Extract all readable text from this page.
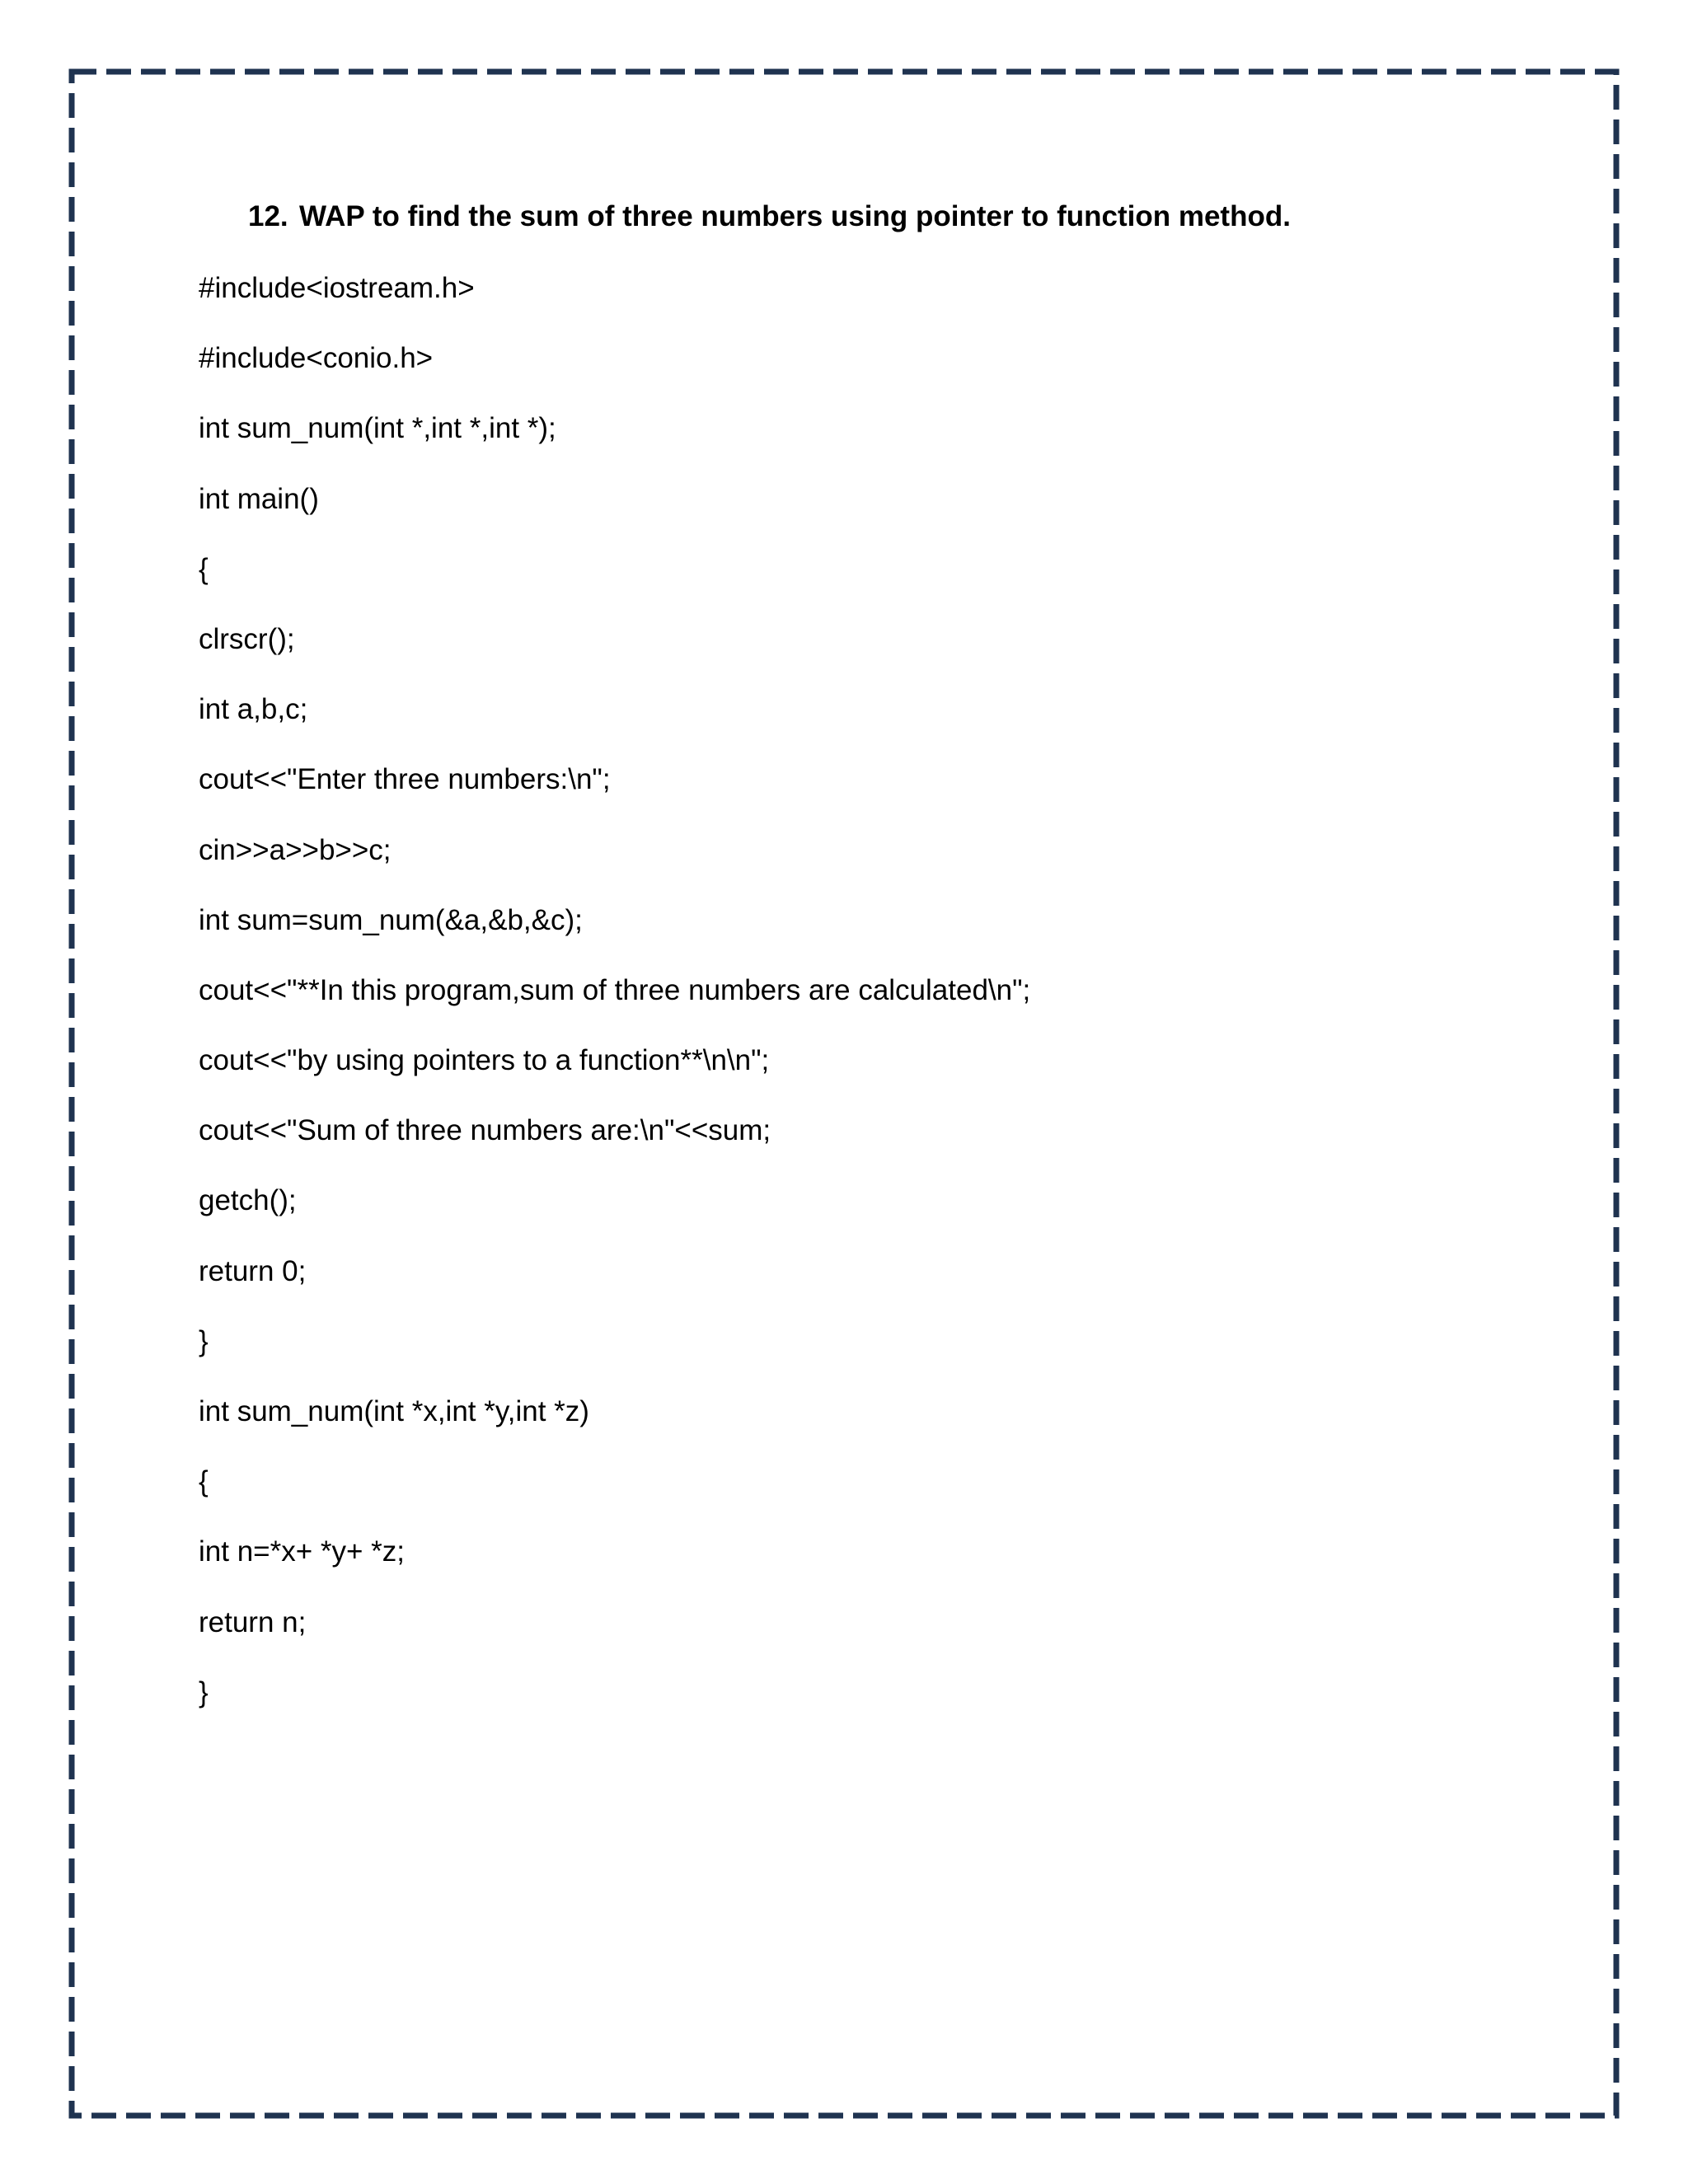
12. WAP to find the sum of three numbers using pointer to function method.
#include<iostream.h>
#include<conio.h>
int sum_num(int *,int *,int *);
int main()
{
clrscr();
int a,b,c;
cout<<"Enter three numbers:\n";
cin>>a>>b>>c;
int sum=sum_num(&a,&b,&c);
cout<<"**In this program,sum of three numbers are calculated\n";
cout<<"by using pointers to a function**\n\n";
cout<<"Sum of three numbers are:\n"<<sum;
getch();
return 0;
}
int sum_num(int *x,int *y,int *z)
{
int n=*x+ *y+ *z;
return n;
}
